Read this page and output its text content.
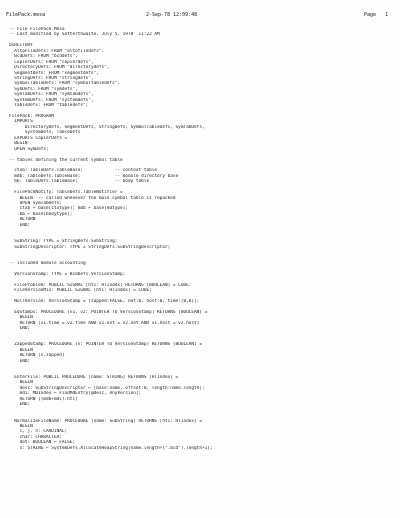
FilePack.mesa	2-Sep-78 12:09:48	Page 1
-- File FilePack.Mesa
-- Last modified by Satterthwaite, July 5, 1978  11:22 AM
DIRECTORY
AltoFileDefs: FROM "altofiledefs",
BcdDefs: FROM "bcddefs",
CopierDefs: FROM "copierdefs",
DirectoryDefs: FROM "directorydefs",
SegmentDefs: FROM "segmentdefs",
StringDefs: FROM "stringdefs",
SymbolTableDefs: FROM "symboltabledefs",
SymDefs: FROM "symdefs",
SymTabDefs: FROM "symtabdefs",
SystemDefs: FROM "systemdefs",
TableDefs: FROM "tabledefs";
FilePack: PROGRAM
IMPORTS
DirectoryDefs, SegmentDefs, StringDefs, SymbolTableDefs, SymTabDefs,
SystemDefs, TableDefs
EXPORTS CopierDefs =
BEGIN
OPEN SymDefs;
-- tables defining the current symbol table
ctxb: TableDefs.TableBase;            -- context table
mdb: TableDefs.TableBase;             -- module directory base
bb: TableDefs.TableBase;              -- body table
FilePackNotify: TableDefs.TableNotifier =
BEGIN  -- called whenever the main symbol table is repacked
OPEN SymTabDefs;
ctxb ← base[ctxtype]; mdb ← base[mdtype];
bb ← base[bodytype];
RETURN
END;
SubString: TYPE = StringDefs.SubString;
SubStringDescriptor: TYPE = StringDefs.SubStringDescriptor;
-- included module accounting
VersionStamp: TYPE = BcdDefs.VersionStamp;
FileProblem: PUBLIC SIGNAL [hti: HTIndex] RETURNS [BOOLEAN] = CODE;
FileVersionMix: PUBLIC SIGNAL [hti: HTIndex] = CODE;
NullVersion: VersionStamp = [zapped:FALSE, net:0, host:0, time:[0,0]];
EqStamps: PROCEDURE [v1, v2: POINTER TO VersionStamp] RETURNS [BOOLEAN] =
BEGIN
RETURN [v1.time = v2.time AND v1.net = v2.net AND v1.host = v2.host]
END;
ZappedStamp: PROCEDURE [v: POINTER TO VersionStamp] RETURNS [BOOLEAN] =
BEGIN
RETURN [v.zapped]
END;
EnterFile: PUBLIC PROCEDURE [name: STRING] RETURNS [HTIndex] =
BEGIN
desc: SubStringDescriptor ← [base:name, offset:0, length:name.length];
mdi: MDIndex ← FindMdEntry[@desc, AnyVersion];
RETURN [(mdb+mdi).hti]
END;
NormalizeFileName: PROCEDURE [name: SubString] RETURNS [hti: HTIndex] =
BEGIN
i, j, n: CARDINAL;
char: CHARACTER;
dot: BOOLEAN ← FALSE;
s: STRING ← SystemDefs.AllocateHeapString[name.length+(".bcd").length+1];
